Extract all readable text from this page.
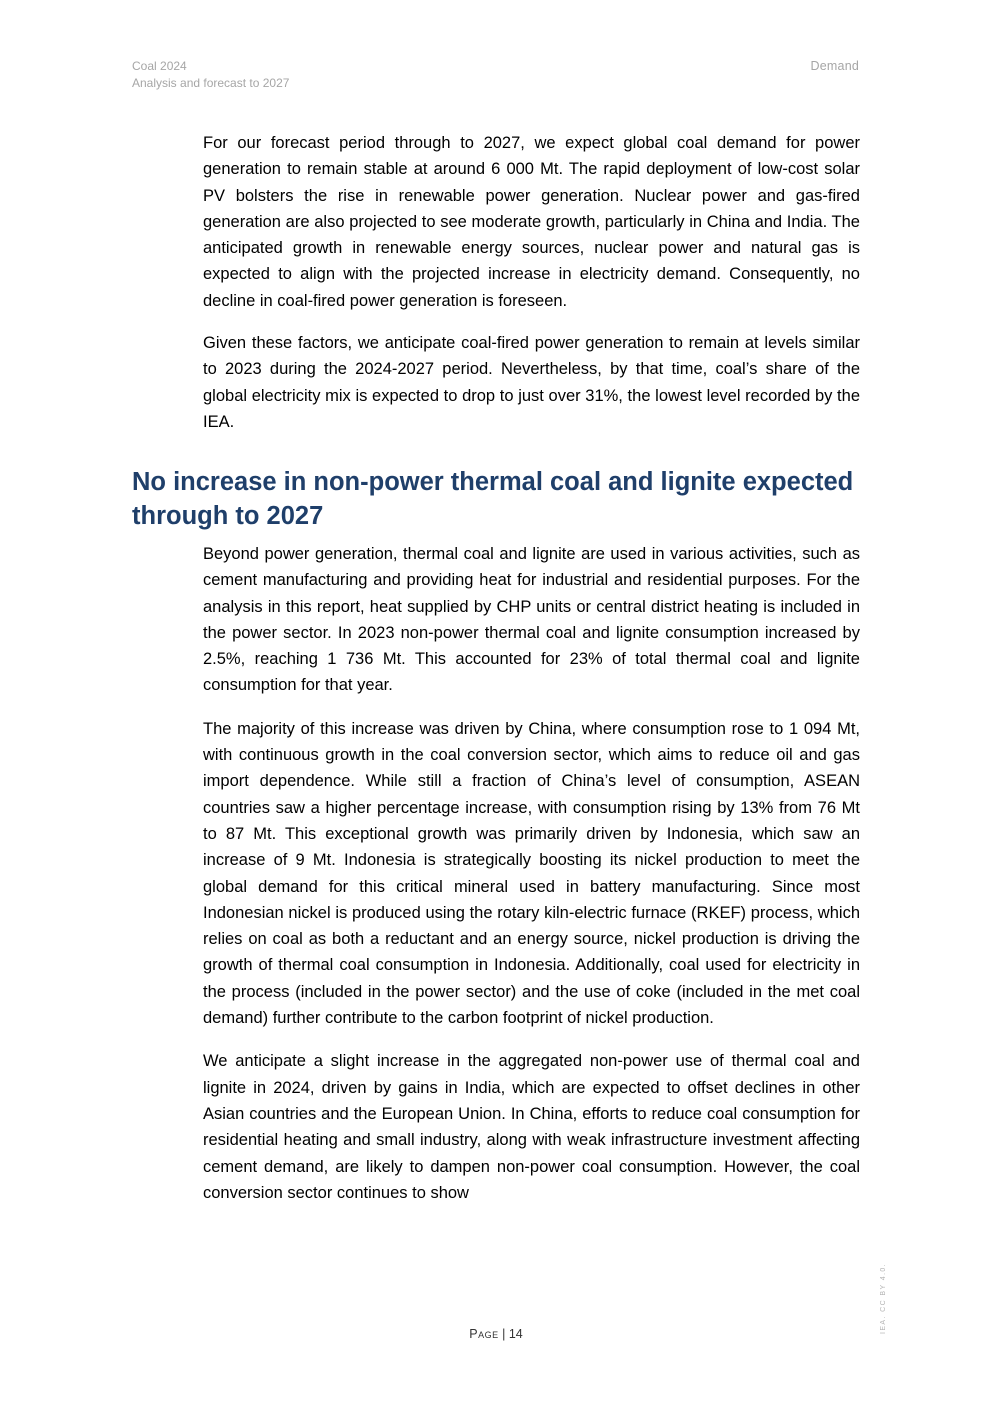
Coal 2024
Analysis and forecast to 2027
Demand

For our forecast period through to 2027, we expect global coal demand for power generation to remain stable at around 6 000 Mt. The rapid deployment of low-cost solar PV bolsters the rise in renewable power generation. Nuclear power and gas-fired generation are also projected to see moderate growth, particularly in China and India. The anticipated growth in renewable energy sources, nuclear power and natural gas is expected to align with the projected increase in electricity demand. Consequently, no decline in coal-fired power generation is foreseen.

Given these factors, we anticipate coal-fired power generation to remain at levels similar to 2023 during the 2024-2027 period. Nevertheless, by that time, coal’s share of the global electricity mix is expected to drop to just over 31%, the lowest level recorded by the IEA.

No increase in non-power thermal coal and lignite expected through to 2027

Beyond power generation, thermal coal and lignite are used in various activities, such as cement manufacturing and providing heat for industrial and residential purposes. For the analysis in this report, heat supplied by CHP units or central district heating is included in the power sector. In 2023 non-power thermal coal and lignite consumption increased by 2.5%, reaching 1 736 Mt. This accounted for 23% of total thermal coal and lignite consumption for that year.

The majority of this increase was driven by China, where consumption rose to 1 094 Mt, with continuous growth in the coal conversion sector, which aims to reduce oil and gas import dependence. While still a fraction of China’s level of consumption, ASEAN countries saw a higher percentage increase, with consumption rising by 13% from 76 Mt to 87 Mt. This exceptional growth was primarily driven by Indonesia, which saw an increase of 9 Mt. Indonesia is strategically boosting its nickel production to meet the global demand for this critical mineral used in battery manufacturing. Since most Indonesian nickel is produced using the rotary kiln-electric furnace (RKEF) process, which relies on coal as both a reductant and an energy source, nickel production is driving the growth of thermal coal consumption in Indonesia. Additionally, coal used for electricity in the process (included in the power sector) and the use of coke (included in the met coal demand) further contribute to the carbon footprint of nickel production.

We anticipate a slight increase in the aggregated non-power use of thermal coal and lignite in 2024, driven by gains in India, which are expected to offset declines in other Asian countries and the European Union. In China, efforts to reduce coal consumption for residential heating and small industry, along with weak infrastructure investment affecting cement demand, are likely to dampen non-power coal consumption. However, the coal conversion sector continues to show

Page | 14	IEA. CC BY 4.0.
